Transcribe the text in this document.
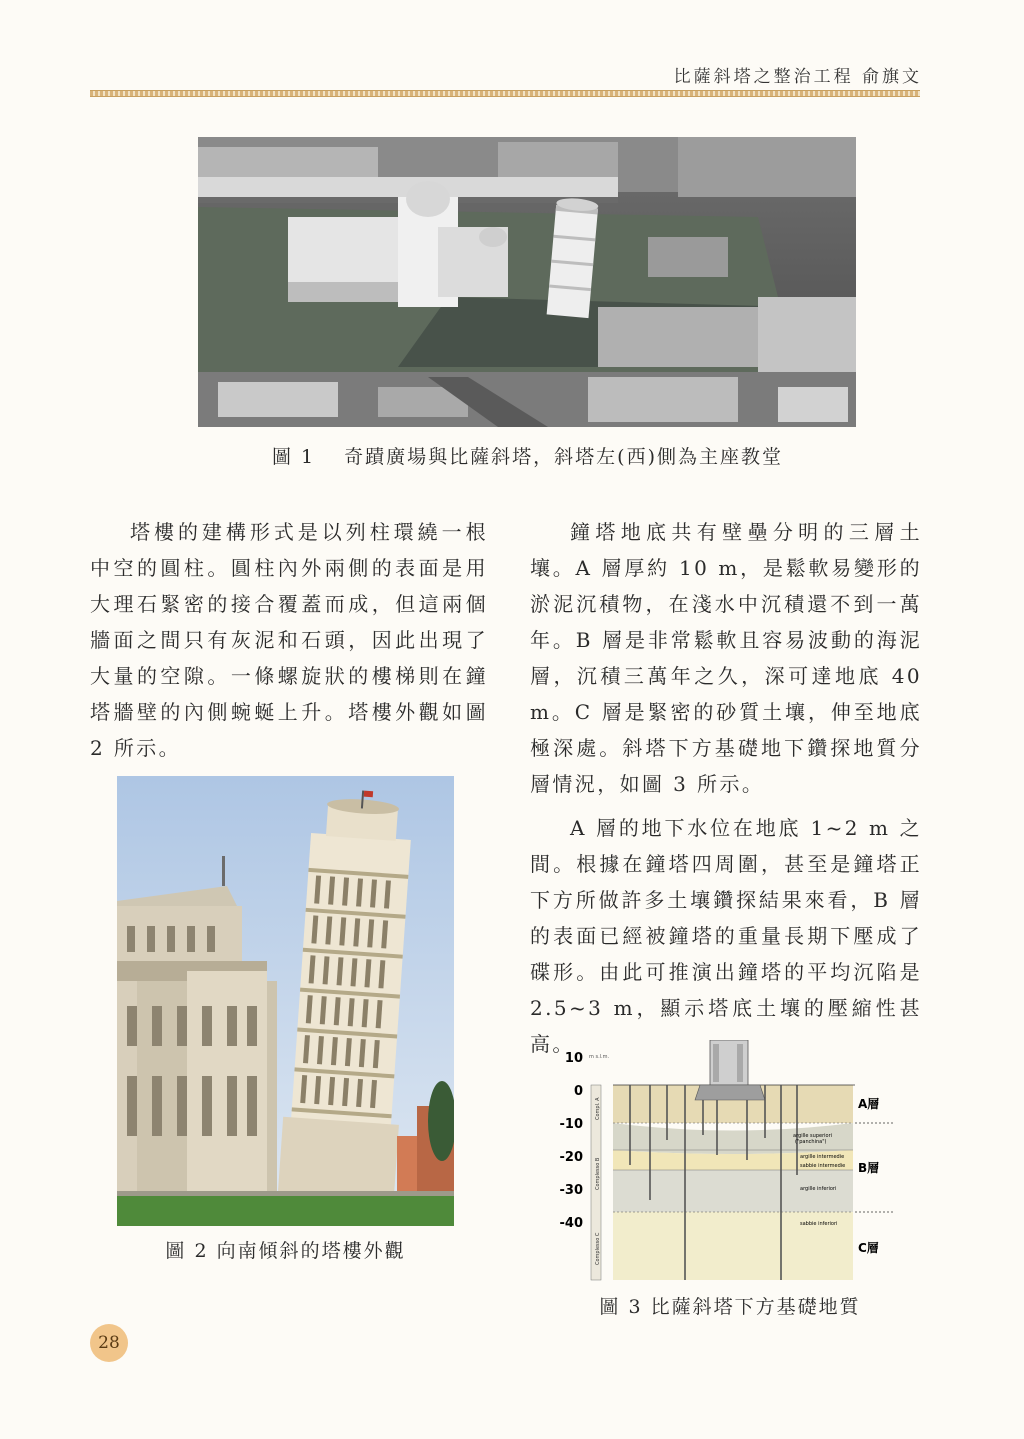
比薩斜塔之整治工程 俞旗文
圖 1　 奇蹟廣場與比薩斜塔，斜塔左(西)側為主座教堂

塔樓的建構形式是以列柱環繞一根中空的圓柱。圓柱內外兩側的表面是用大理石緊密的接合覆蓋而成，但這兩個牆面之間只有灰泥和石頭，因此出現了大量的空隙。一條螺旋狀的樓梯則在鐘塔牆壁的內側蜿蜒上升。塔樓外觀如圖 2 所示。

圖 2 向南傾斜的塔樓外觀

鐘塔地底共有壁壘分明的三層土壤。A 層厚約 10 m，是鬆軟易變形的淤泥沉積物，在淺水中沉積還不到一萬年。B 層是非常鬆軟且容易波動的海泥層，沉積三萬年之久，深可達地底 40 m。C 層是緊密的砂質土壤，伸至地底極深處。斜塔下方基礎地下鑽探地質分層情況，如圖 3 所示。

A 層的地下水位在地底 1~2 m 之間。根據在鐘塔四周圍，甚至是鐘塔正下方所做許多土壤鑽探結果來看，B 層的表面已經被鐘塔的重量長期下壓成了碟形。由此可推演出鐘塔的平均沉陷是 2.5~3 m，顯示塔底土壤的壓縮性甚高。

10
0
-10
-20
-30
-40
m s.l.m.
Compl. A
Complesso B
Complesso C
argille superiori
("panchina")
argille intermedie
sabbie intermedie
argille inferiori
sabbie inferiori
A層
B層
C層
圖 3 比薩斜塔下方基礎地質
28
